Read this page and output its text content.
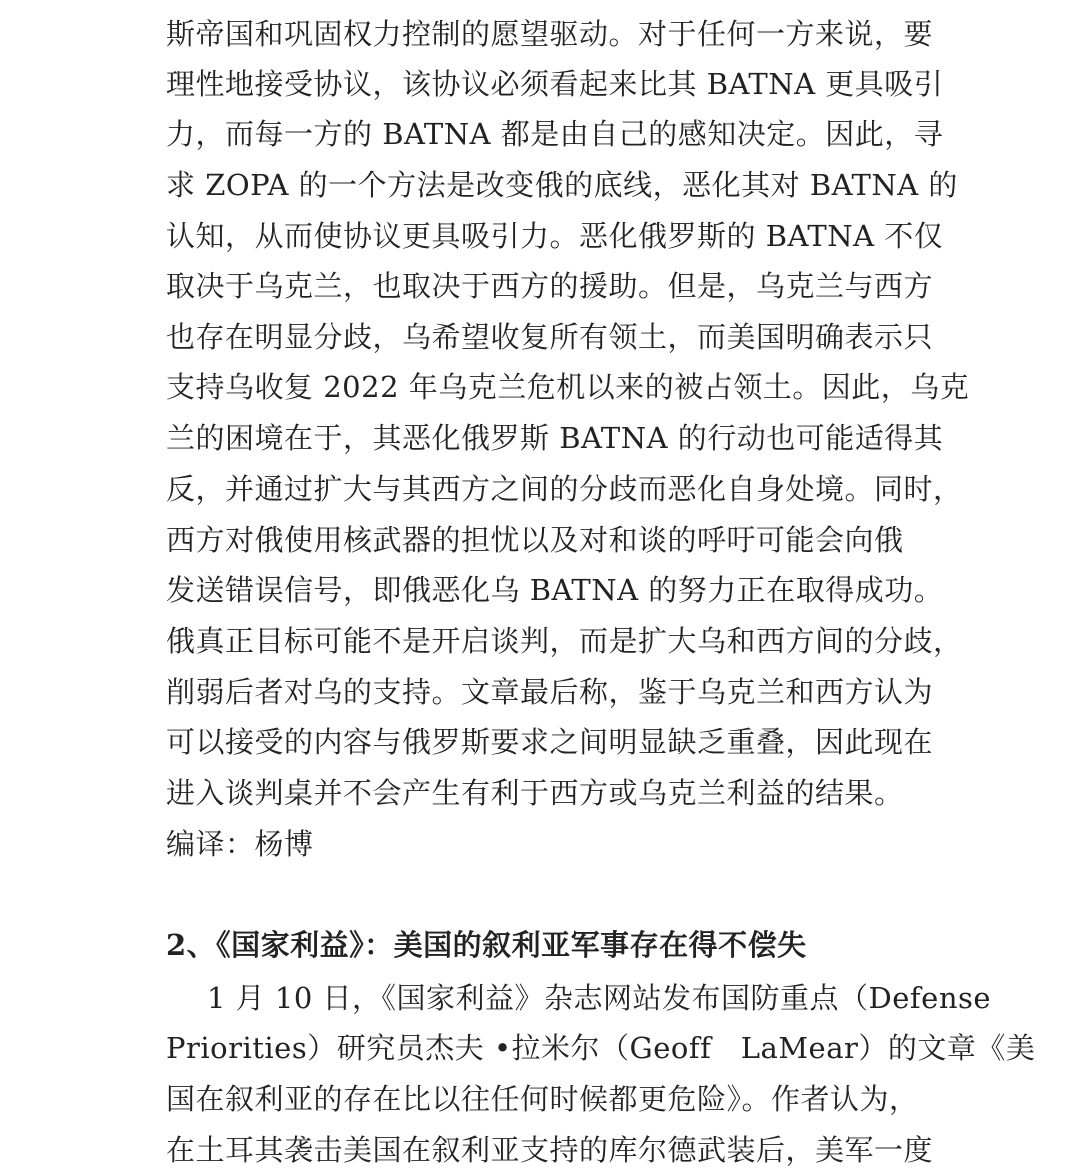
斯帝国和巩固权力控制的愿望驱动。对于任何一方来说，要
理性地接受协议，该协议必须看起来比其 BATNA 更具吸引
力，而每一方的 BATNA 都是由自己的感知决定。因此，寻
求 ZOPA 的一个方法是改变俄的底线，恶化其对 BATNA 的
认知，从而使协议更具吸引力。恶化俄罗斯的 BATNA 不仅
取决于乌克兰，也取决于西方的援助。但是，乌克兰与西方
也存在明显分歧，乌希望收复所有领土，而美国明确表示只
支持乌收复 2022 年乌克兰危机以来的被占领土。因此，乌克
兰的困境在于，其恶化俄罗斯 BATNA 的行动也可能适得其
反，并通过扩大与其西方之间的分歧而恶化自身处境。同时，
西方对俄使用核武器的担忧以及对和谈的呼吁可能会向俄
发送错误信号，即俄恶化乌 BATNA 的努力正在取得成功。
俄真正目标可能不是开启谈判，而是扩大乌和西方间的分歧，
削弱后者对乌的支持。文章最后称，鉴于乌克兰和西方认为
可以接受的内容与俄罗斯要求之间明显缺乏重叠，因此现在
进入谈判桌并不会产生有利于西方或乌克兰利益的结果。
编译：杨博
2、《国家利益》：美国的叙利亚军事存在得不偿失
1 月 10 日，《国家利益》杂志网站发布国防重点（Defense
Priorities）研究员杰夫 •拉米尔（Geoff　LaMear）的文章《美
国在叙利亚的存在比以往任何时候都更危险》。作者认为，
在土耳其袭击美国在叙利亚支持的库尔德武装后，美军一度
